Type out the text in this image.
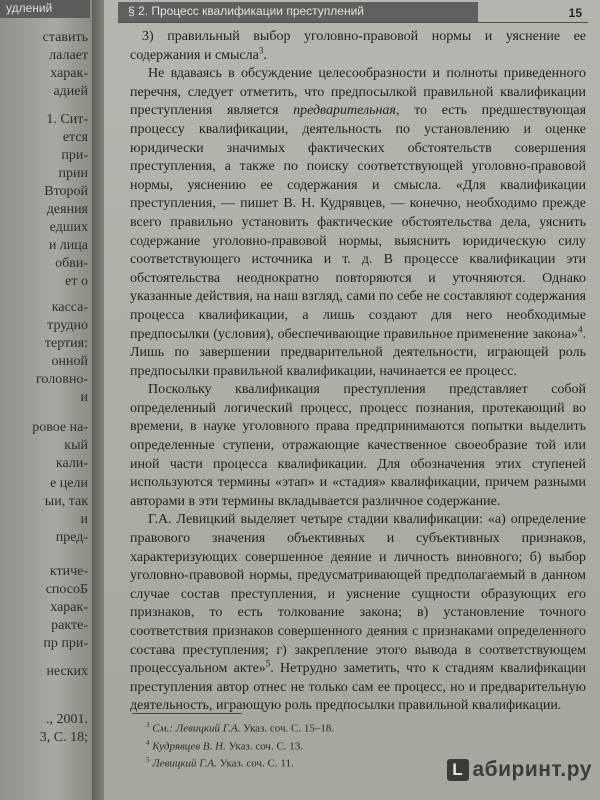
удлений
ставить
лалает
харак-
адией
1. Сит-
ется
при-
прин
Второй
деяния
едших
и лица
обви-
ет о
касса-
трудно
тертия:
онной
головно-
и
ровое на-
кый
кали-
е цели
ыи, так
и
пред-
ктиче-
спосоБ
харак-
ракте-
пр при-
неских
., 2001.
3, С. 18;
§ 2. Процесс квалификации преступлений	15

3) правильный выбор уголовно-правовой нормы и уяснение ее содержания и смысла$^3$.

Не вдаваясь в обсуждение целесообразности и полноты приведенного перечня, следует отметить, что предпосылкой правильной квалификации преступления является предварительная, то есть предшествующая процессу квалификации, деятельность по установлению и оценке юридически значимых фактических обстоятельств совершения преступления, а также по поиску соответствующей уголовно-правовой нормы, уяснению ее содержания и смысла. «Для квалификации преступления, — пишет В. Н. Кудрявцев, — конечно, необходимо прежде всего правильно установить фактические обстоятельства дела, уяснить содержание уголовно-правовой нормы, выяснить юридическую силу соответствующего источника и т. д. В процессе квалификации эти обстоятельства неоднократно повторяются и уточняются. Однако указанные действия, на наш взгляд, сами по себе не составляют содержания процесса квалификации, а лишь создают для него необходимые предпосылки (условия), обеспечивающие правильное применение закона»$^4$. Лишь по завершении предварительной деятельности, играющей роль предпосылки правильной квалификации, начинается ее процесс.

Поскольку квалификация преступления представляет собой определенный логический процесс, процесс познания, протекающий во времени, в науке уголовного права предпринимаются попытки выделить определенные ступени, отражающие качественное своеобразие той или иной части процесса квалификации. Для обозначения этих ступеней используются термины «этап» и «стадия» квалификации, причем разными авторами в эти термины вкладывается различное содержание.

Г.А. Левицкий выделяет четыре стадии квалификации: «а) определение правового значения объективных и субъективных признаков, характеризующих совершенное деяние и личность виновного; б) выбор уголовно-правовой нормы, предусматривающей предполагаемый в данном случае состав преступления, и уяснение сущности образующих его признаков, то есть толкование закона; в) установление точного соответствия признаков совершенного деяния с признаками определенного состава преступления; г) закрепление этого вывода в соответствующем процессуальном акте»$^5$. Нетрудно заметить, что к стадиям квалификации преступления автор отнес не только сам ее процесс, но и предварительную деятельность, играющую роль предпосылки правильной квалификации.

$^3$ См.: Левицкий Г.А. Указ. соч. С. 15–18.
$^4$ Кудрявцев В. Н. Указ. соч. С. 13.
$^5$ Левицкий Г.А. Указ. соч. С. 11.	L абиринт.ру
